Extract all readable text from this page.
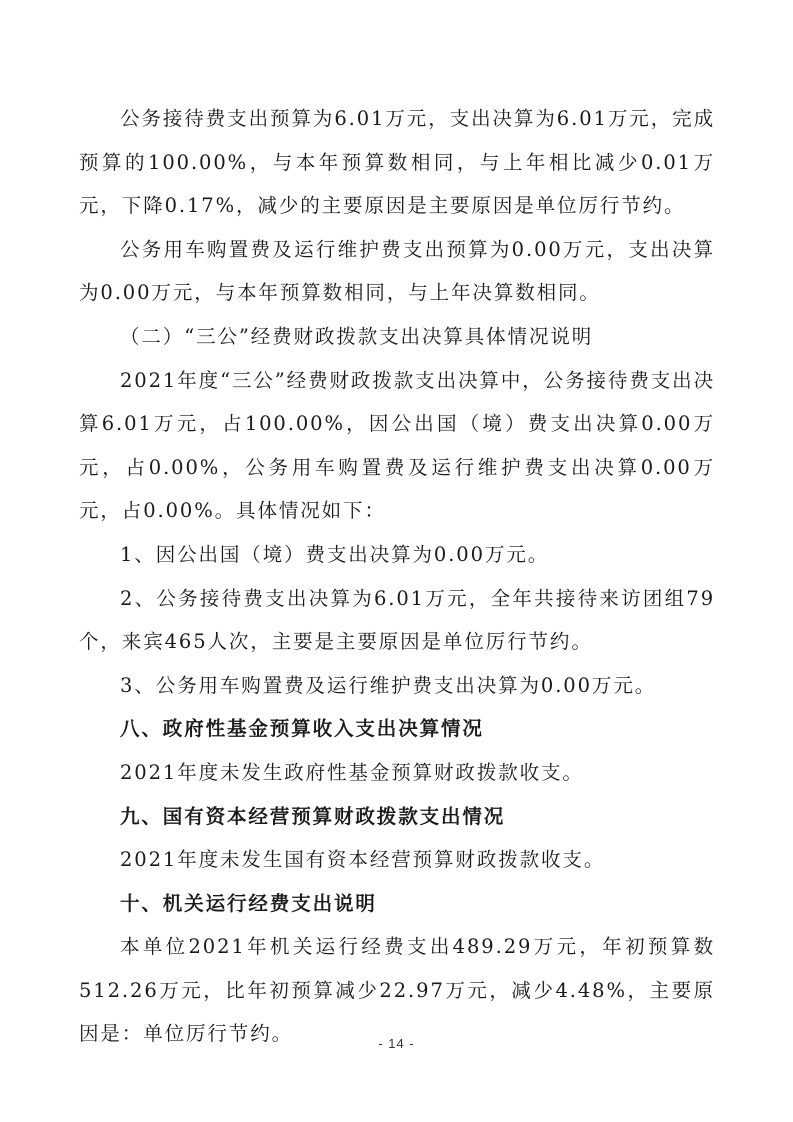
公务接待费支出预算为6.01万元，支出决算为6.01万元，完成预算的100.00%，与本年预算数相同，与上年相比减少0.01万元，下降0.17%，减少的主要原因是主要原因是单位厉行节约。

公务用车购置费及运行维护费支出预算为0.00万元，支出决算为0.00万元，与本年预算数相同，与上年决算数相同。

（二）“三公”经费财政拨款支出决算具体情况说明

2021年度“三公”经费财政拨款支出决算中，公务接待费支出决算6.01万元，占100.00%，因公出国（境）费支出决算0.00万元，占0.00%，公务用车购置费及运行维护费支出决算0.00万元，占0.00%。具体情况如下：

1、因公出国（境）费支出决算为0.00万元。

2、公务接待费支出决算为6.01万元，全年共接待来访团组79个，来宾465人次，主要是主要原因是单位厉行节约。

3、公务用车购置费及运行维护费支出决算为0.00万元。

八、政府性基金预算收入支出决算情况

2021年度未发生政府性基金预算财政拨款收支。

九、国有资本经营预算财政拨款支出情况

2021年度未发生国有资本经营预算财政拨款收支。

十、机关运行经费支出说明

本单位2021年机关运行经费支出489.29万元，年初预算数512.26万元，比年初预算减少22.97万元，减少4.48%，主要原因是：单位厉行节约。	- 14 -
